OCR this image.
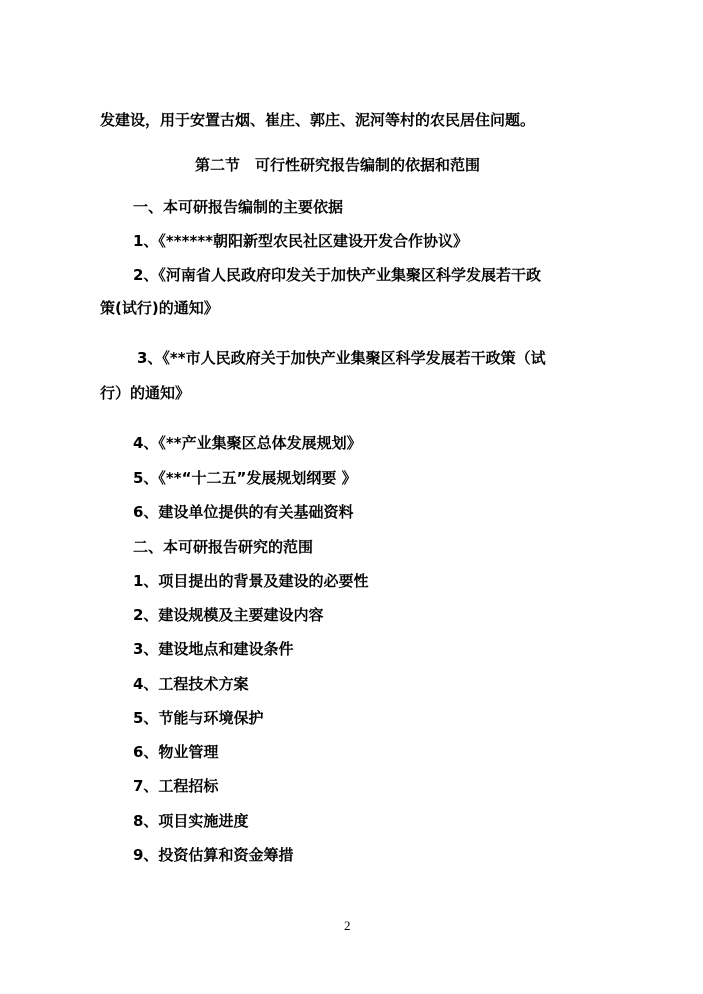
发建设，用于安置古烟、崔庄、郭庄、泥河等村的农民居住问题。
第二节　可行性研究报告编制的依据和范围
一、本可研报告编制的主要依据
1、《******朝阳新型农民社区建设开发合作协议》
2、《河南省人民政府印发关于加快产业集聚区科学发展若干政
策(试行)的通知》
3、《**市人民政府关于加快产业集聚区科学发展若干政策（试
行）的通知》
4、《**产业集聚区总体发展规划》
5、《**“十二五”发展规划纲要 》
6、建设单位提供的有关基础资料
二、本可研报告研究的范围
1、项目提出的背景及建设的必要性
2、建设规模及主要建设内容
3、建设地点和建设条件
4、工程技术方案
5、节能与环境保护
6、物业管理
7、工程招标
8、项目实施进度
9、投资估算和资金筹措
2
